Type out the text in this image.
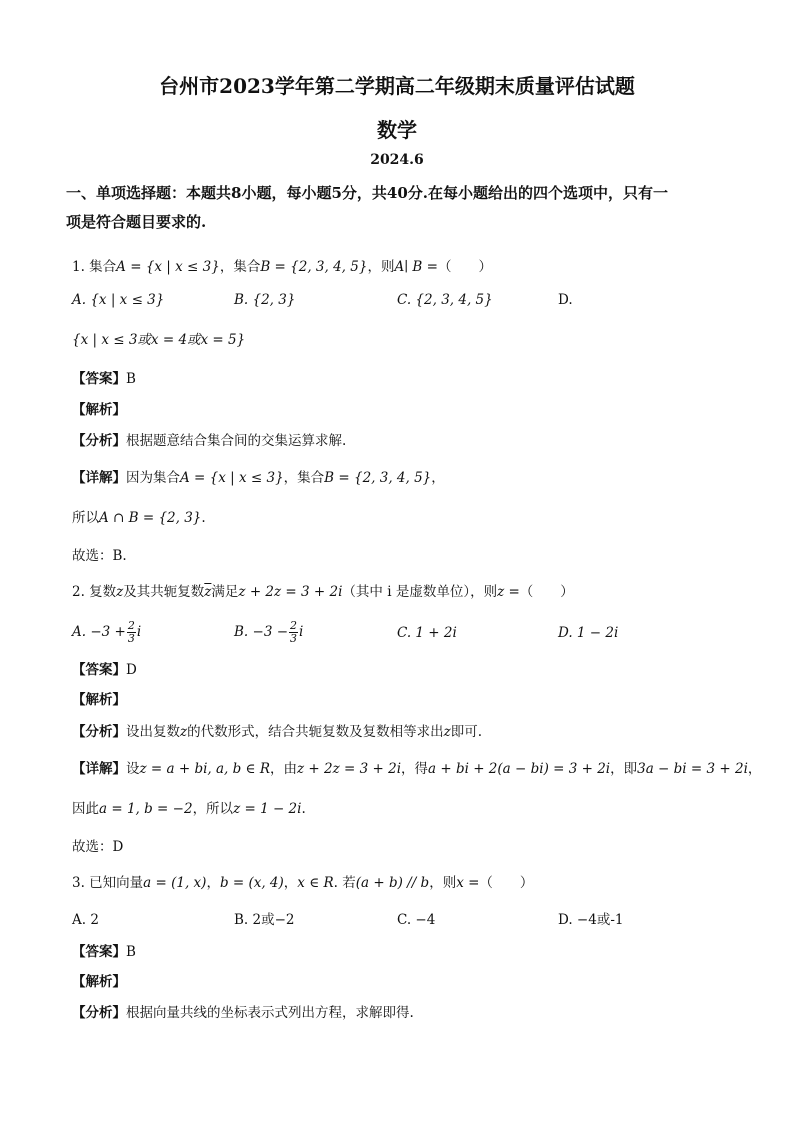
台州市2023学年第二学期高二年级期末质量评估试题
数学
2024.6
一、单项选择题：本题共8小题，每小题5分，共40分.在每小题给出的四个选项中，只有一
项是符合题目要求的.
1. 集合A = {x | x ≤ 3}，集合B = {2, 3, 4, 5}，则A∣ B =（　　）
A. {x | x ≤ 3}	B. {2, 3}	C. {2, 3, 4, 5}	D.
{x | x ≤ 3或x = 4或x = 5}
【答案】B
【解析】
【分析】根据题意结合集合间的交集运算求解.
【详解】因为集合A = {x | x ≤ 3}，集合B = {2, 3, 4, 5}，
所以A ∩ B = {2, 3}.
故选：B.
2. 复数z及其共轭复数$\overline{z}$满足z + 2z = 3 + 2i（其中 i 是虚数单位），则z =（　　）
A. $-3 + \frac{2}{3}$ i	B. $-3 - \frac{2}{3}$ i	C. 1 + 2i	D. 1 − 2i
【答案】D
【解析】
【分析】设出复数z的代数形式，结合共轭复数及复数相等求出z即可.
【详解】设z = a + bi, a, b ∈ R，由z + 2z = 3 + 2i，得a + bi + 2(a − bi) = 3 + 2i，即3a − bi = 3 + 2i，
因此a = 1, b = −2，所以z = 1 − 2i.
故选：D
3. 已知向量a = (1, x)，b = (x, 4)，x ∈ R. 若(a + b) // b，则x =（　　）
A. 2	B. 2或−2	C. −4	D. −4或-1
【答案】B
【解析】
【分析】根据向量共线的坐标表示式列出方程，求解即得.
